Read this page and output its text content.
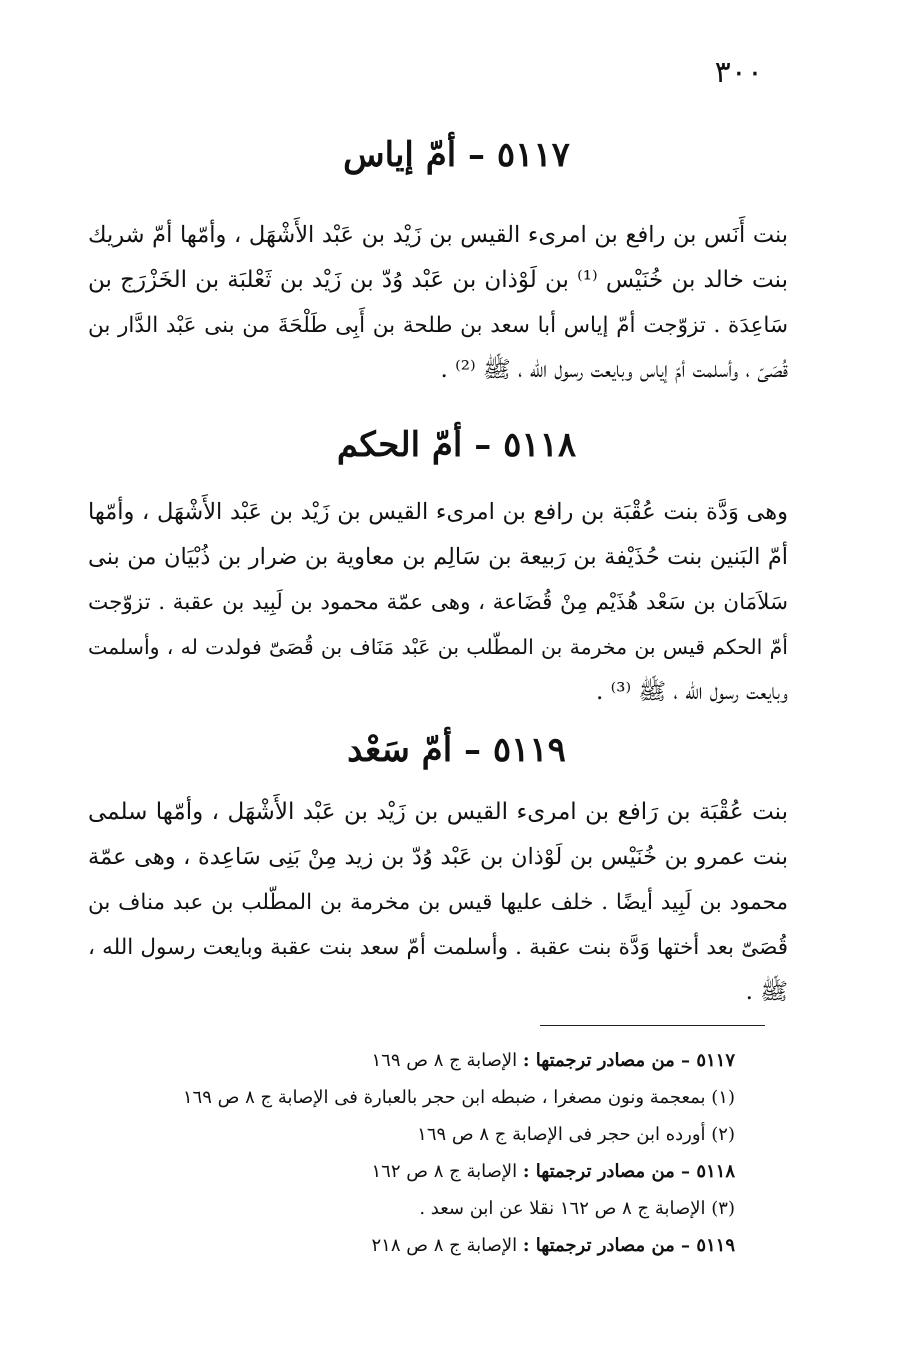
٣٠٠
٥١١٧ – أمّ إياس
بنت أَنَس بن رافع بن امرىء القيس بن زَيْد بن عَبْد الأَشْهَل ، وأمّها أمّ شريك
بنت خالد بن خُنَيْس ⁽¹⁾ بن لَوْذان بن عَبْد وُدّ بن زَيْد بن ثَعْلبَة بن الخَزْرَج بن
سَاعِدَة . تزوّجت أمّ إياس أبا سعد بن طلحة بن أَبِى طَلْحَةَ من بنى عَبْد الدَّار بن
قُصَىّ ، وأسلمت أمّ إياس وبايعت رسول الله ، ﷺ ⁽²⁾ .
٥١١٨ – أمّ الحكم
وهى وَدَّة بنت عُقْبَة بن رافع بن امرىء القيس بن زَيْد بن عَبْد الأَشْهَل ، وأمّها
أمّ البَنين بنت حُذَيْفة بن رَبيعة بن سَالِم بن معاوية بن ضرار بن ذُبْيَان من بنى
سَلاَمَان بن سَعْد هُذَيْم مِنْ قُضَاعة ، وهى عمّة محمود بن لَبِيد بن عقبة . تزوّجت
أمّ الحكم قيس بن مخرمة بن المطّلب بن عَبْد مَنَاف بن قُصَىّ فولدت له ، وأسلمت
وبايعت رسول الله ، ﷺ ⁽³⁾ .
٥١١٩ – أمّ سَعْد
بنت عُقْبَة بن رَافع بن امرىء القيس بن زَيْد بن عَبْد الأَشْهَل ، وأمّها سلمى
بنت عمرو بن خُنَيْس بن لَوْذان بن عَبْد وُدّ بن زيد مِنْ بَنِى سَاعِدة ، وهى عمّة
محمود بن لَبِيد أيضًا . خلف عليها قيس بن مخرمة بن المطّلب بن عبد مناف بن
قُصَىّ بعد أختها وَدَّة بنت عقبة . وأسلمت أمّ سعد بنت عقبة وبايعت رسول الله ،
ﷺ .
٥١١٧ – من مصادر ترجمتها : الإصابة ج ٨ ص ١٦٩
(١) بمعجمة ونون مصغرا ، ضبطه ابن حجر بالعبارة فى الإصابة ج ٨ ص ١٦٩
(٢) أورده ابن حجر فى الإصابة ج ٨ ص ١٦٩
٥١١٨ – من مصادر ترجمتها : الإصابة ج ٨ ص ١٦٢
(٣) الإصابة ج ٨ ص ١٦٢ نقلا عن ابن سعد .
٥١١٩ – من مصادر ترجمتها : الإصابة ج ٨ ص ٢١٨
